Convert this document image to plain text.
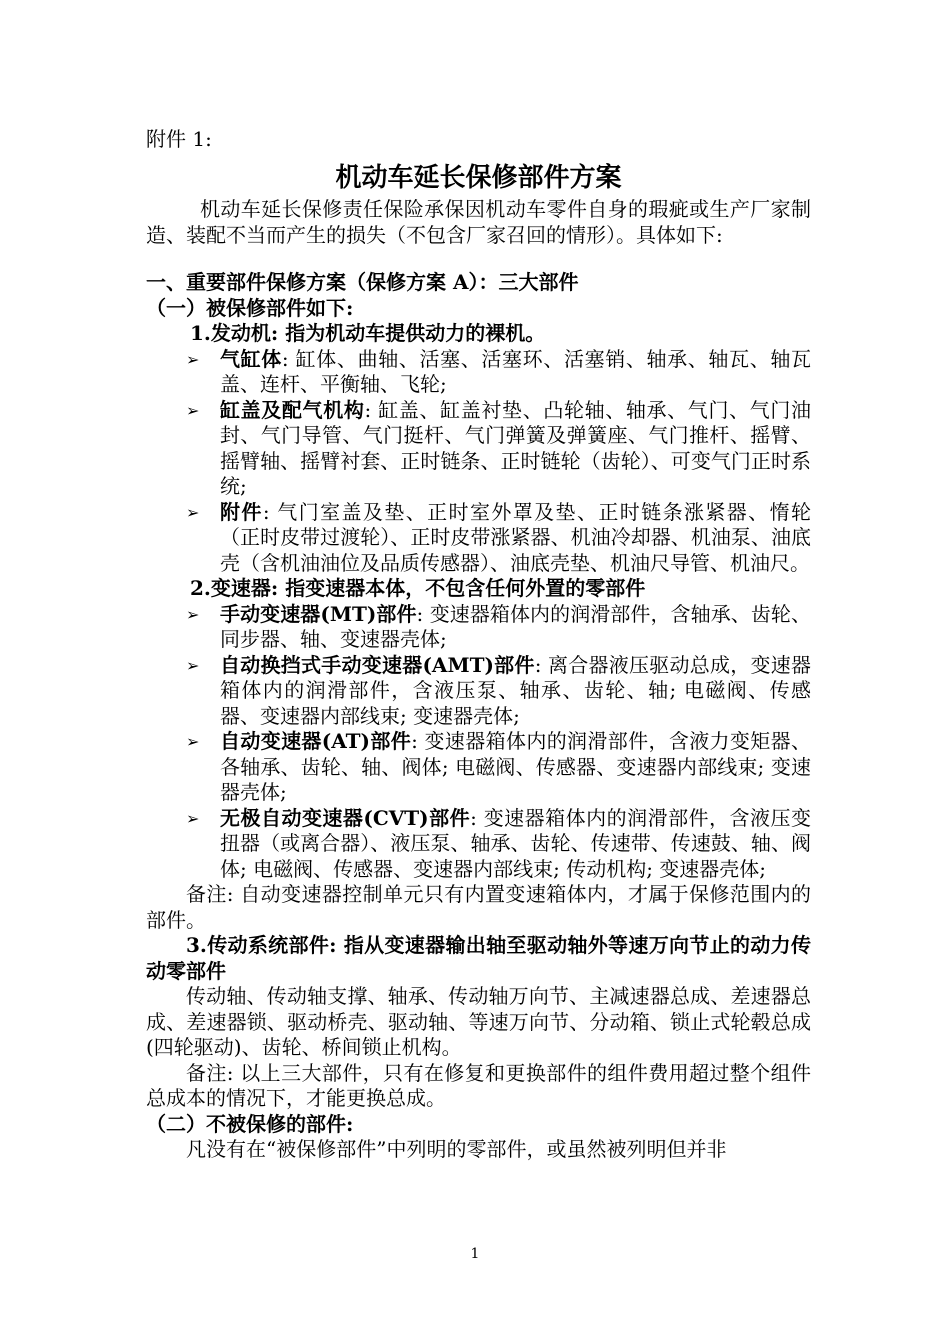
附件 1:

机动车延长保修部件方案

机动车延长保修责任保险承保因机动车零件自身的瑕疵或生产厂家制造、装配不当而产生的损失（不包含厂家召回的情形）。具体如下:

一、重要部件保修方案（保修方案 A）：三大部件

（一）被保修部件如下:

1.发动机: 指为机动车提供动力的裸机。

➢ 气缸体: 缸体、曲轴、活塞、活塞环、活塞销、轴承、轴瓦、轴瓦盖、连杆、平衡轴、飞轮;
➢ 缸盖及配气机构: 缸盖、缸盖衬垫、凸轮轴、轴承、气门、气门油封、气门导管、气门挺杆、气门弹簧及弹簧座、气门推杆、摇臂、摇臂轴、摇臂衬套、正时链条、正时链轮（齿轮）、可变气门正时系统;
➢ 附件: 气门室盖及垫、正时室外罩及垫、正时链条涨紧器、惰轮（正时皮带过渡轮）、正时皮带涨紧器、机油冷却器、机油泵、油底壳（含机油油位及品质传感器）、油底壳垫、机油尺导管、机油尺。

2.变速器: 指变速器本体，不包含任何外置的零部件

➢ 手动变速器(MT)部件: 变速器箱体内的润滑部件，含轴承、齿轮、同步器、轴、变速器壳体;
➢ 自动换挡式手动变速器(AMT)部件: 离合器液压驱动总成，变速器箱体内的润滑部件，含液压泵、轴承、齿轮、轴; 电磁阀、传感器、变速器内部线束; 变速器壳体;
➢ 自动变速器(AT)部件: 变速器箱体内的润滑部件，含液力变矩器、各轴承、齿轮、轴、阀体; 电磁阀、传感器、变速器内部线束; 变速器壳体;
➢ 无极自动变速器(CVT)部件: 变速器箱体内的润滑部件，含液压变扭器（或离合器）、液压泵、轴承、齿轮、传速带、传速鼓、轴、阀体; 电磁阀、传感器、变速器内部线束; 传动机构; 变速器壳体;

备注: 自动变速器控制单元只有内置变速箱体内，才属于保修范围内的部件。

3.传动系统部件: 指从变速器输出轴至驱动轴外等速万向节止的动力传动零部件

传动轴、传动轴支撑、轴承、传动轴万向节、主减速器总成、差速器总成、差速器锁、驱动桥壳、驱动轴、等速万向节、分动箱、锁止式轮毂总成(四轮驱动)、齿轮、桥间锁止机构。

备注: 以上三大部件，只有在修复和更换部件的组件费用超过整个组件总成本的情况下，才能更换总成。

（二）不被保修的部件:

凡没有在“被保修部件”中列明的零部件，或虽然被列明但并非

1
